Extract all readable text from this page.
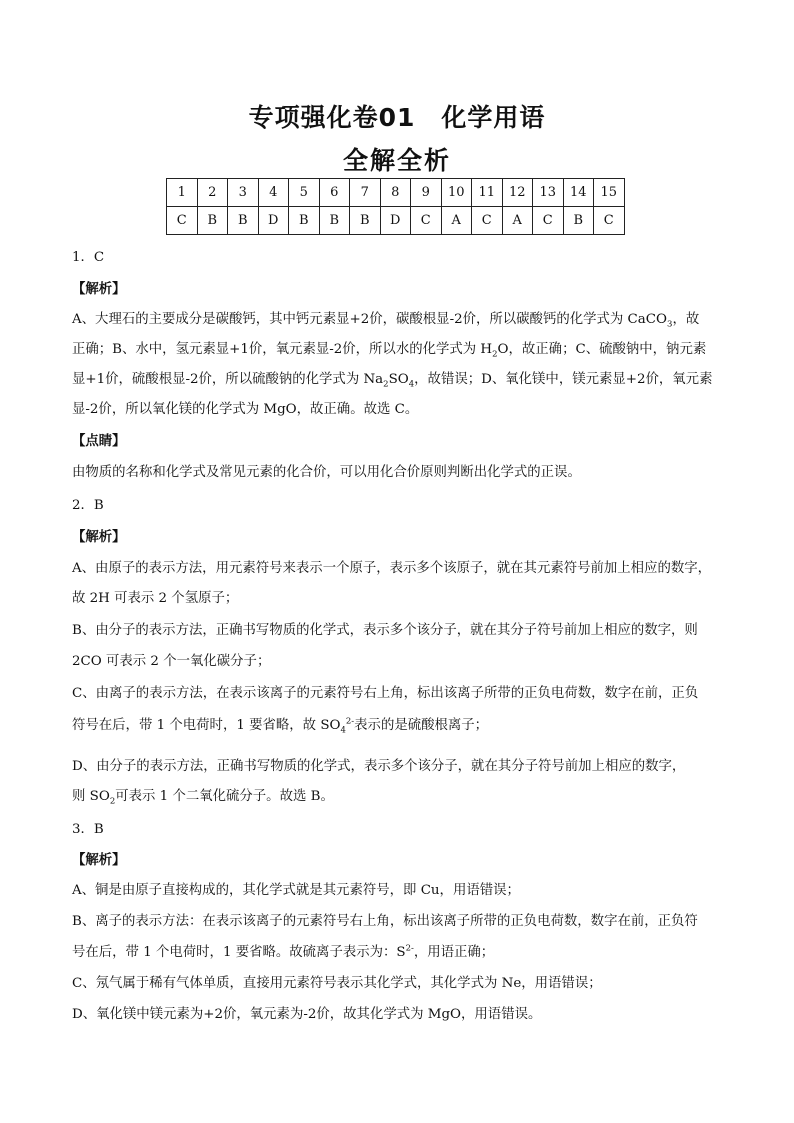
专项强化卷01　化学用语
全解全析
1	2	3	4	5	6	7	8	9	10	11	12	13	14	15
C	B	B	D	B	B	B	D	C	A	C	A	C	B	C
1．C
【解析】
A、大理石的主要成分是碳酸钙，其中钙元素显+2价，碳酸根显-2价，所以碳酸钙的化学式为 CaCO$_3$，故
正确；B、水中，氢元素显+1价，氧元素显-2价，所以水的化学式为 $H_2O$，故正确；C、硫酸钠中，钠元素
显+1价，硫酸根显-2价，所以硫酸钠的化学式为 $Na_2SO_4$，故错误；D、氧化镁中，镁元素显+2价，氧元素
显-2价，所以氧化镁的化学式为 MgO，故正确。故选 C。
【点睛】
由物质的名称和化学式及常见元素的化合价，可以用化合价原则判断出化学式的正误。
2．B
【解析】
A、由原子的表示方法，用元素符号来表示一个原子，表示多个该原子，就在其元素符号前加上相应的数字，
故 2H 可表示 2 个氢原子；
B、由分子的表示方法，正确书写物质的化学式，表示多个该分子，就在其分子符号前加上相应的数字，则
2CO 可表示 2 个一氧化碳分子；
C、由离子的表示方法，在表示该离子的元素符号右上角，标出该离子所带的正负电荷数，数字在前，正负
符号在后，带 1 个电荷时，1 要省略，故 $SO_4^{2-}$表示的是硫酸根离子；
D、由分子的表示方法，正确书写物质的化学式，表示多个该分子，就在其分子符号前加上相应的数字，
则 $SO_2$可表示 1 个二氧化硫分子。故选 B。
3．B
【解析】
A、铜是由原子直接构成的，其化学式就是其元素符号，即 Cu，用语错误；
B、离子的表示方法：在表示该离子的元素符号右上角，标出该离子所带的正负电荷数，数字在前，正负符
号在后，带 1 个电荷时，1 要省略。故硫离子表示为：$S^{2-}$，用语正确；
C、氖气属于稀有气体单质，直接用元素符号表示其化学式，其化学式为 Ne，用语错误；
D、氧化镁中镁元素为+2价，氧元素为-2价，故其化学式为 MgO，用语错误。
